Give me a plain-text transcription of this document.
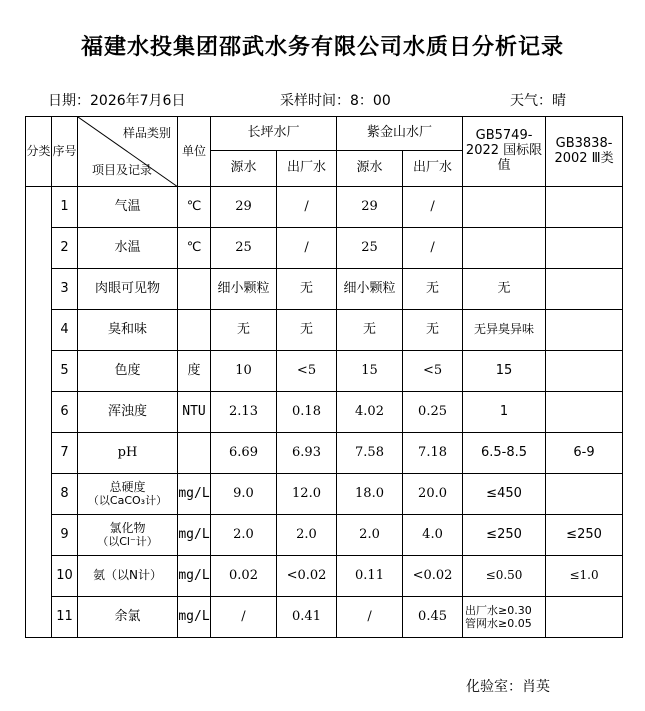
福建水投集团邵武水务有限公司水质日分析记录
日期：2026年7月6日	采样时间：8：00	天气：晴
分类	序号	样品类别
项目及记录	单位	长坪水厂		紫金山水厂		GB5749-2022 国标限值	GB3838-2002 Ⅲ类
				源水	出厂水	源水	出厂水		
	1	气温	℃	29	/	29	/		
	2	水温	℃	25	/	25	/		
	3	肉眼可见物		细小颗粒	无	细小颗粒	无	无	
	4	臭和味		无	无	无	无	无异臭异味	
	5	色度	度	10	<5	15	<5	15	
	6	浑浊度	NTU	2.13	0.18	4.02	0.25	1	
	7	pH		6.69	6.93	7.58	7.18	6.5-8.5	6-9
	8	总硬度
（以CaCO₃计）	mg/L	9.0	12.0	18.0	20.0	≤450	
	9	氯化物
（以Cl⁻计）	mg/L	2.0	2.0	2.0	4.0	≤250	≤250
	10	氨（以N计）	mg/L	0.02	<0.02	0.11	<0.02	≤0.50	≤1.0
	11	余氯	mg/L	/	0.41	/	0.45	出厂水≥0.30
管网水≥0.05	

化验室：肖英
